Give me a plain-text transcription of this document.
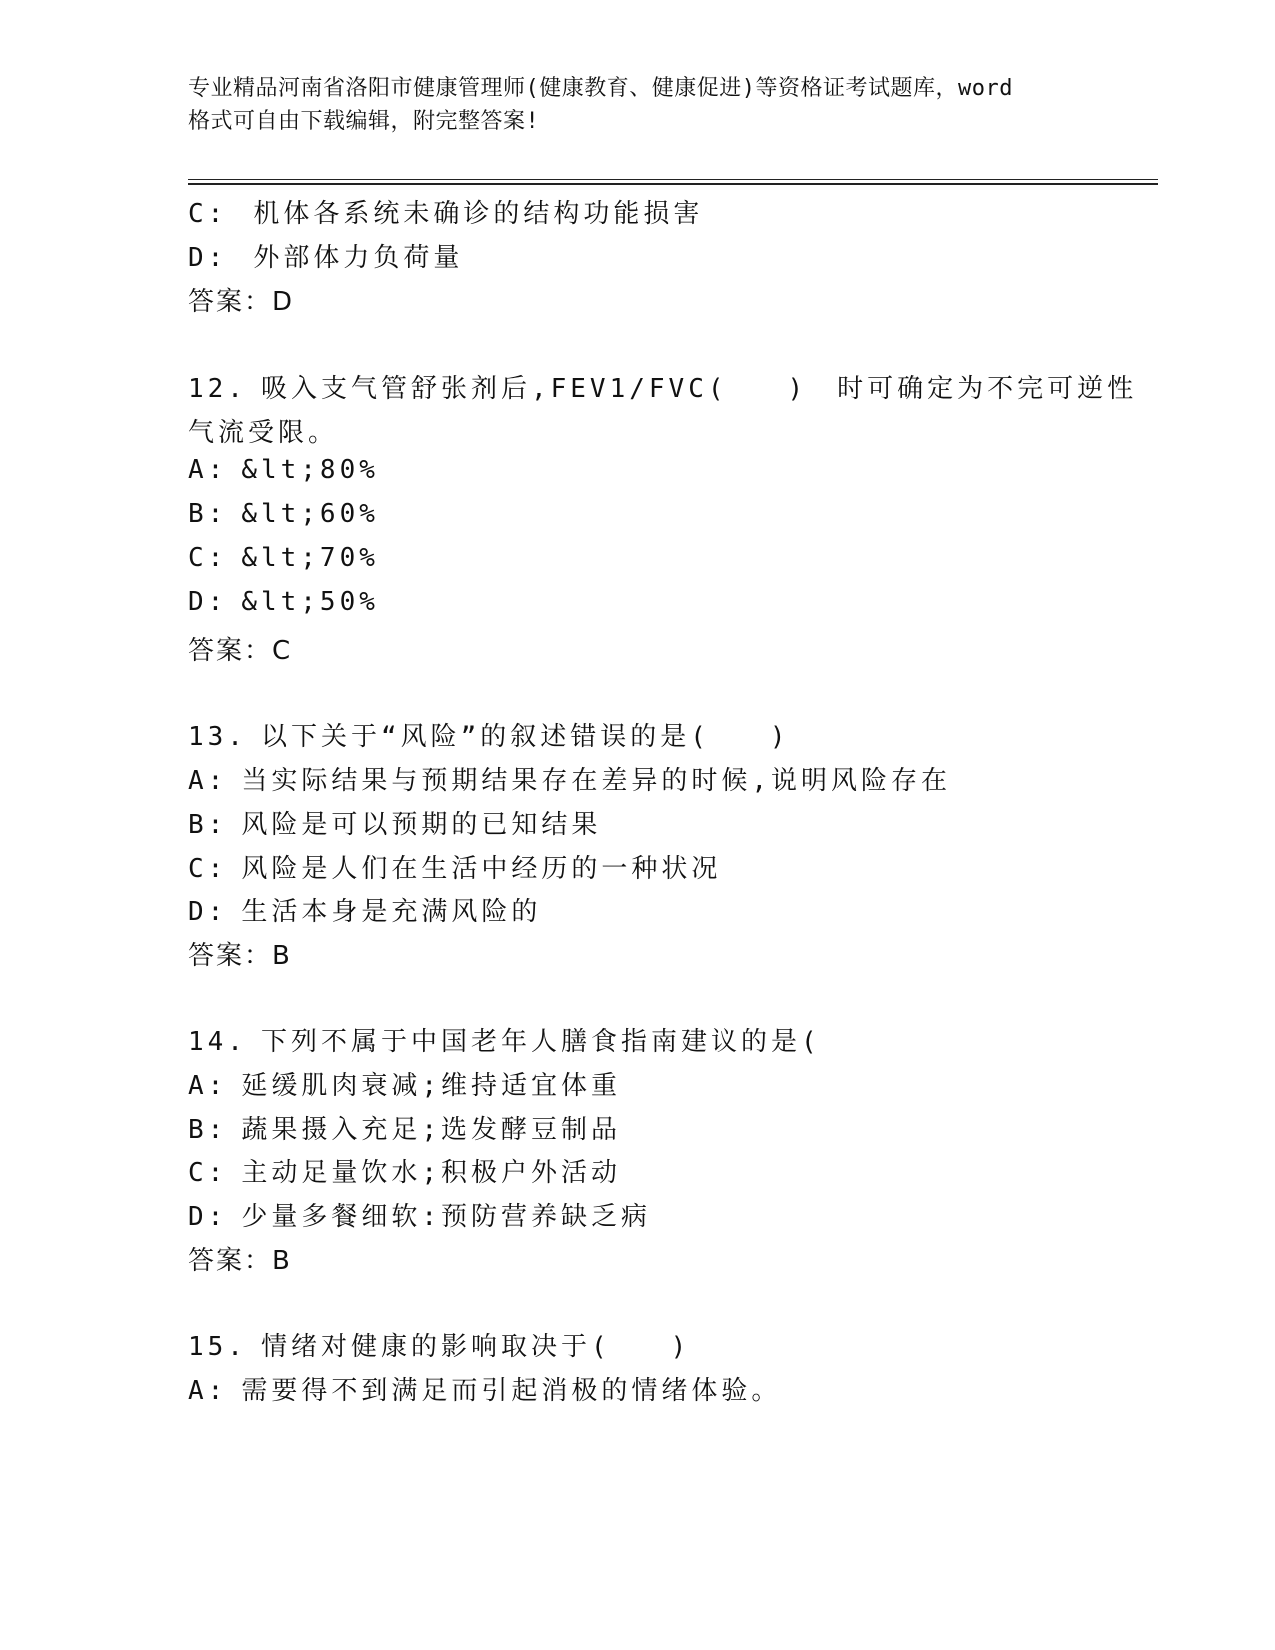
专业精品河南省洛阳市健康管理师(健康教育、健康促进)等资格证考试题库，word
格式可自由下载编辑，附完整答案!
C: 机体各系统未确诊的结构功能损害
D: 外部体力负荷量
答案：D
12. 吸入支气管舒张剂后,FEV1/FVC(　　)　时可确定为不完可逆性
气流受限。
A: &lt;80%
B: &lt;60%
C: &lt;70%
D: &lt;50%
答案：C
13. 以下关于“风险”的叙述错误的是(　　)
A: 当实际结果与预期结果存在差异的时候,说明风险存在
B: 风险是可以预期的已知结果
C: 风险是人们在生活中经历的一种状况
D: 生活本身是充满风险的
答案：B
14. 下列不属于中国老年人膳食指南建议的是(
A: 延缓肌肉衰减;维持适宜体重
B: 蔬果摄入充足;选发酵豆制品
C: 主动足量饮水;积极户外活动
D: 少量多餐细软:预防营养缺乏病
答案：B
15. 情绪对健康的影响取决于(　　)
A: 需要得不到满足而引起消极的情绪体验。
